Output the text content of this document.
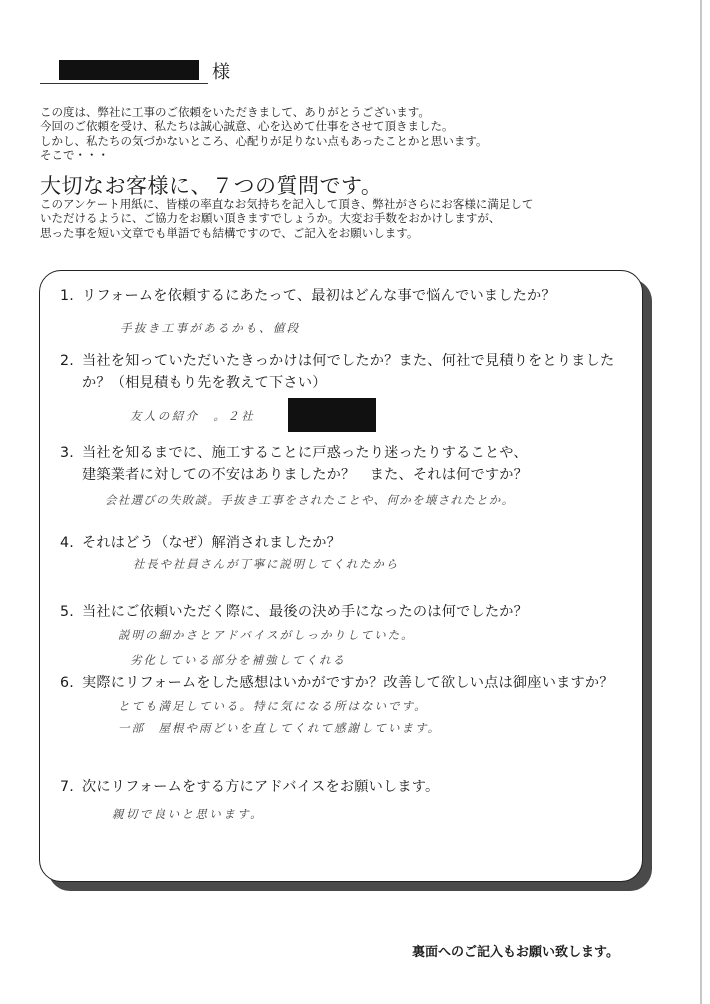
様

この度は、弊社に工事のご依頼をいただきまして、ありがとうございます。

今回のご依頼を受け、私たちは誠心誠意、心を込めて仕事をさせて頂きました。

しかし、私たちの気づかないところ、心配りが足りない点もあったことかと思います。

そこで・・・

大切なお客様に、７つの質問です。

このアンケート用紙に、皆様の率直なお気持ちを記入して頂き、弊社がさらにお客様に満足して

いただけるように、ご協力をお願い頂きますでしょうか。大変お手数をおかけしますが、

思った事を短い文章でも単語でも結構ですので、ご記入をお願いします。

1. リフォームを依頼するにあたって、最初はどんな事で悩んでいましたか？
手抜き工事があるかも、値段
2. 当社を知っていただいたきっかけは何でしたか？また、何社で見積りをとりました
か？（相見積もり先を教えて下さい）
友人の紹介　。２社
3. 当社を知るまでに、施工することに戸惑ったり迷ったりすることや、
建築業者に対しての不安はありましたか？　また、それは何ですか？
会社選びの失敗談。手抜き工事をされたことや、何かを壊されたとか。
4. それはどう（なぜ）解消されましたか？
社長や社員さんが丁寧に説明してくれたから
5. 当社にご依頼いただく際に、最後の決め手になったのは何でしたか？
説明の細かさとアドバイスがしっかりしていた。
劣化している部分を補強してくれる
6. 実際にリフォームをした感想はいかがですか？改善して欲しい点は御座いますか？
とても満足している。特に気になる所はないです。
一部　屋根や雨どいを直してくれて感謝しています。
7. 次にリフォームをする方にアドバイスをお願いします。
親切で良いと思います。
裏面へのご記入もお願い致します。
